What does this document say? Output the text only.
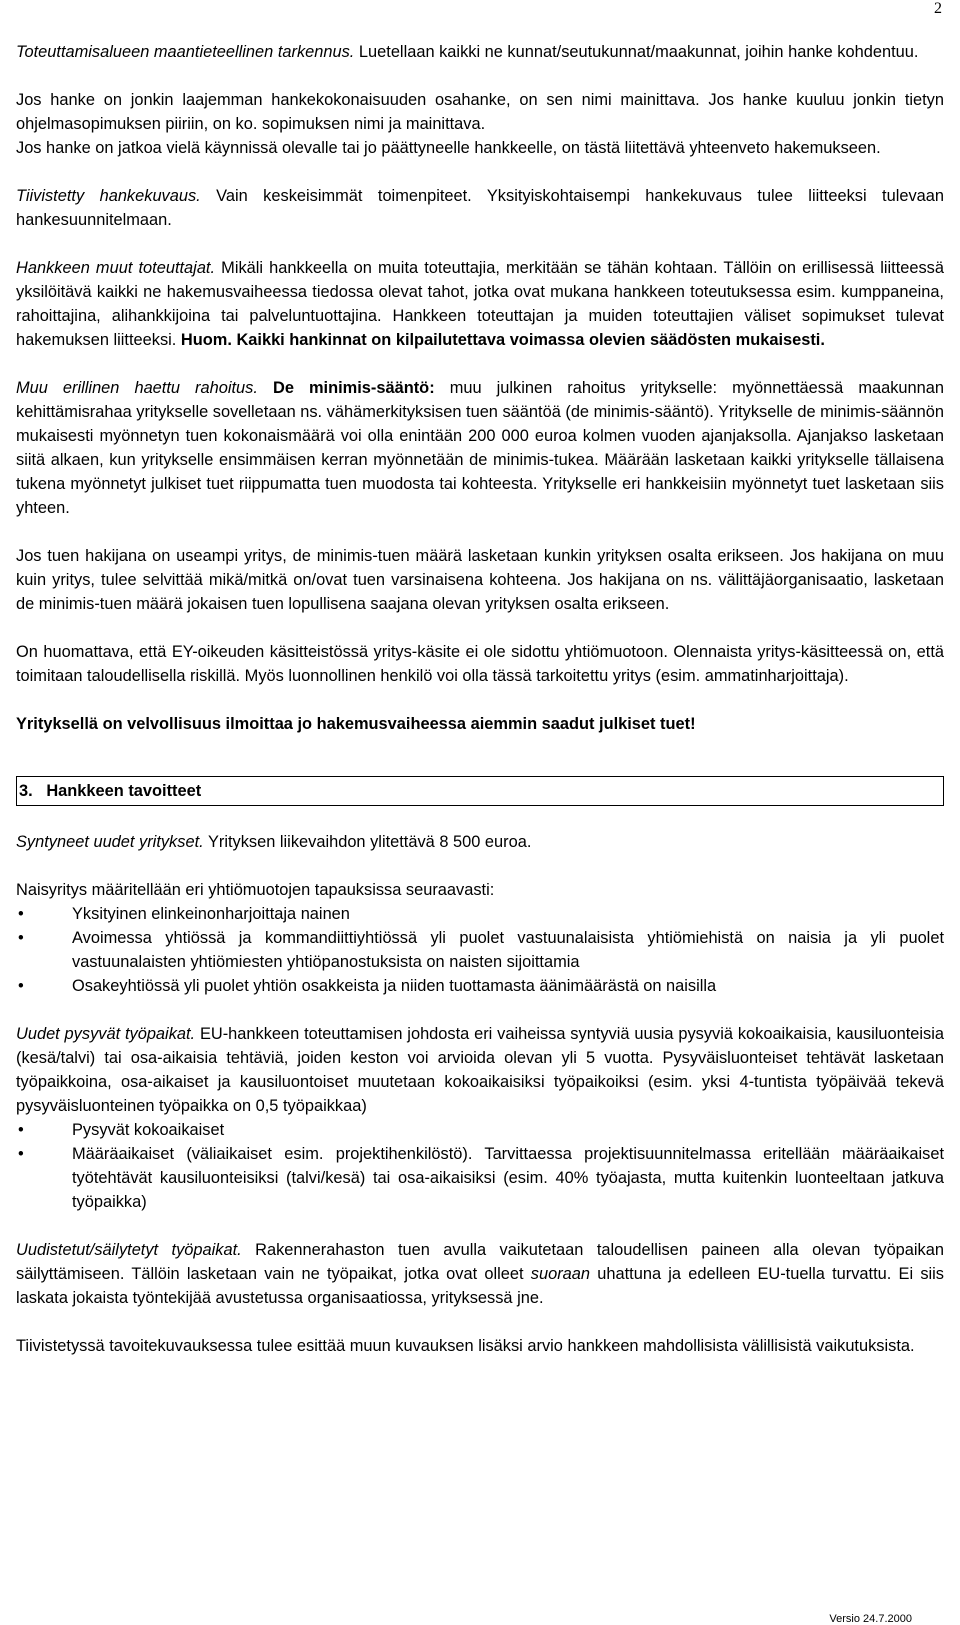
2

Toteuttamisalueen maantieteellinen tarkennus. Luetellaan kaikki ne kunnat/seutukunnat/maakunnat, joihin hanke kohdentuu.

Jos hanke on jonkin laajemman hankekokonaisuuden osahanke, on sen nimi mainittava. Jos hanke kuuluu jonkin tietyn ohjelmasopimuksen piiriin, on ko. sopimuksen nimi ja mainittava.

Jos hanke on jatkoa vielä käynnissä olevalle tai jo päättyneelle hankkeelle, on tästä liitettävä yhteenveto hakemukseen.

Tiivistetty hankekuvaus. Vain keskeisimmät toimenpiteet. Yksityiskohtaisempi hankekuvaus tulee liitteeksi tulevaan hankesuunnitelmaan.

Hankkeen muut toteuttajat. Mikäli hankkeella on muita toteuttajia, merkitään se tähän kohtaan. Tällöin on erillisessä liitteessä yksilöitävä kaikki ne hakemusvaiheessa tiedossa olevat tahot, jotka ovat mukana hankkeen toteutuksessa esim. kumppaneina, rahoittajina, alihankkijoina tai palveluntuottajina. Hankkeen toteuttajan ja muiden toteuttajien väliset sopimukset tulevat hakemuksen liitteeksi. Huom. Kaikki hankinnat on kilpailutettava voimassa olevien säädösten mukaisesti.

Muu erillinen haettu rahoitus. De minimis-sääntö: muu julkinen rahoitus yritykselle: myönnettäessä maakunnan kehittämisrahaa yritykselle sovelletaan ns. vähämerkityksisen tuen sääntöä (de minimis-sääntö). Yritykselle de minimis-säännön mukaisesti myönnetyn tuen kokonaismäärä voi olla enintään 200 000 euroa kolmen vuoden ajanjaksolla. Ajanjakso lasketaan siitä alkaen, kun yritykselle ensimmäisen kerran myönnetään de minimis-tukea. Määrään lasketaan kaikki yritykselle tällaisena tukena myönnetyt julkiset tuet riippumatta tuen muodosta tai kohteesta. Yritykselle eri hankkeisiin myönnetyt tuet lasketaan siis yhteen.

Jos tuen hakijana on useampi yritys, de minimis-tuen määrä lasketaan kunkin yrityksen osalta erikseen. Jos hakijana on muu kuin yritys, tulee selvittää mikä/mitkä on/ovat tuen varsinaisena kohteena. Jos hakijana on ns. välittäjäorganisaatio, lasketaan de minimis-tuen määrä jokaisen tuen lopullisena saajana olevan yrityksen osalta erikseen.

On huomattava, että EY-oikeuden käsitteistössä yritys-käsite ei ole sidottu yhtiömuotoon. Olennaista yritys-käsitteessä on, että toimitaan taloudellisella riskillä. Myös luonnollinen henkilö voi olla tässä tarkoitettu yritys (esim. ammatinharjoittaja).

Yrityksellä on velvollisuus ilmoittaa jo hakemusvaiheessa aiemmin saadut julkiset tuet!

3. Hankkeen tavoitteet

Syntyneet uudet yritykset. Yrityksen liikevaihdon ylitettävä 8 500 euroa.

Naisyritys määritellään eri yhtiömuotojen tapauksissa seuraavasti:

•	Yksityinen elinkeinonharjoittaja nainen
•	Avoimessa yhtiössä ja kommandiittiyhtiössä yli puolet vastuunalaisista yhtiömiehistä on naisia ja yli puolet vastuunalaisten yhtiömiesten yhtiöpanostuksista on naisten sijoittamia
•	Osakeyhtiössä yli puolet yhtiön osakkeista ja niiden tuottamasta äänimäärästä on naisilla

Uudet pysyvät työpaikat. EU-hankkeen toteuttamisen johdosta eri vaiheissa syntyviä uusia pysyviä kokoaikaisia, kausiluonteisia (kesä/talvi) tai osa-aikaisia tehtäviä, joiden keston voi arvioida olevan yli 5 vuotta. Pysyväisluonteiset tehtävät lasketaan työpaikkoina, osa-aikaiset ja kausiluontoiset muutetaan kokoaikaisiksi työpaikoiksi (esim. yksi 4-tuntista työpäivää tekevä pysyväisluonteinen työpaikka on 0,5 työpaikkaa)

•	Pysyvät kokoaikaiset
•	Määräaikaiset (väliaikaiset esim. projektihenkilöstö). Tarvittaessa projektisuunnitelmassa eritellään määräaikaiset työtehtävät kausiluonteisiksi (talvi/kesä) tai osa-aikaisiksi (esim. 40% työajasta, mutta kuitenkin luonteeltaan jatkuva työpaikka)

Uudistetut/säilytetyt työpaikat. Rakennerahaston tuen avulla vaikutetaan taloudellisen paineen alla olevan työpaikan säilyttämiseen. Tällöin lasketaan vain ne työpaikat, jotka ovat olleet suoraan uhattuna ja edelleen EU-tuella turvattu. Ei siis laskata jokaista työntekijää avustetussa organisaatiossa, yrityksessä jne.

Tiivistetyssä tavoitekuvauksessa tulee esittää muun kuvauksen lisäksi arvio hankkeen mahdollisista välillisistä vaikutuksista.

Versio 24.7.2000
